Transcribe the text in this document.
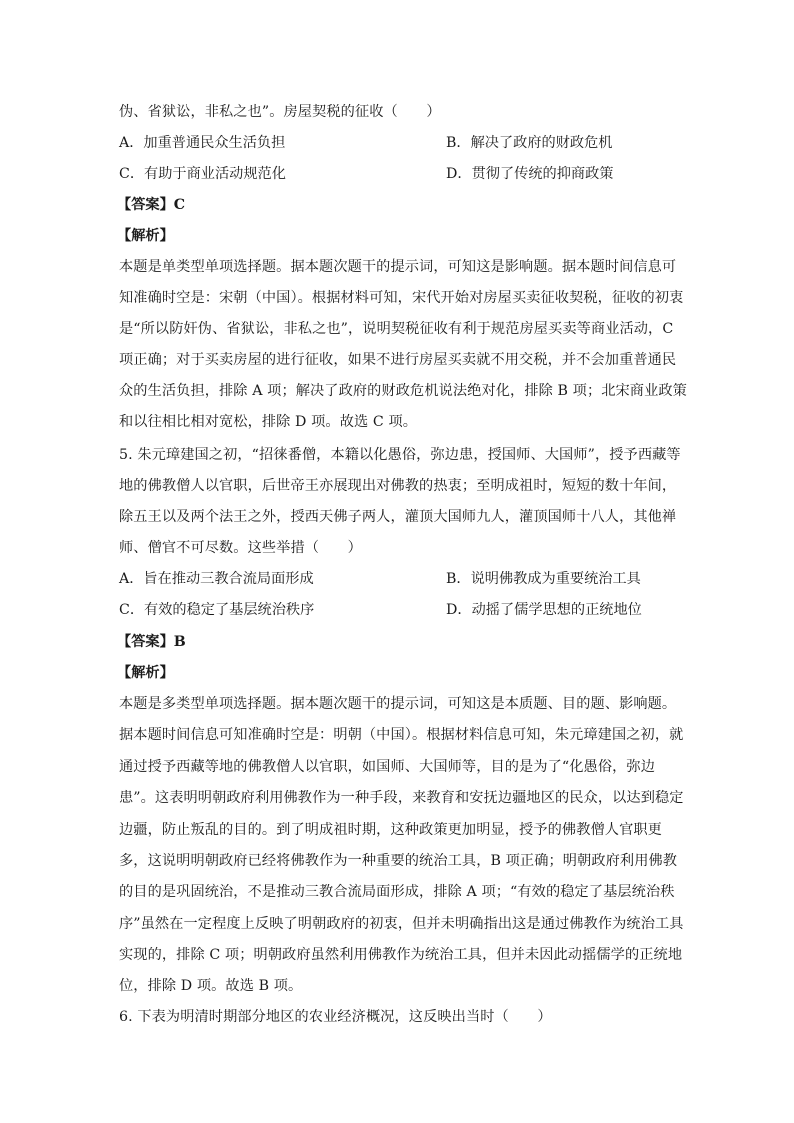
伪、省狱讼，非私之也”。房屋契税的征收（　　）
A．加重普通民众生活负担	B．解决了政府的财政危机
C．有助于商业活动规范化	D．贯彻了传统的抑商政策
【答案】C
【解析】
本题是单类型单项选择题。据本题次题干的提示词，可知这是影响题。据本题时间信息可
知准确时空是：宋朝（中国）。根据材料可知，宋代开始对房屋买卖征收契税，征收的初衷
是“所以防奸伪、省狱讼，非私之也”，说明契税征收有利于规范房屋买卖等商业活动，C
项正确；对于买卖房屋的进行征收，如果不进行房屋买卖就不用交税，并不会加重普通民
众的生活负担，排除 A 项；解决了政府的财政危机说法绝对化，排除 B 项；北宋商业政策
和以往相比相对宽松，排除 D 项。故选 C 项。
5. 朱元璋建国之初，“招徕番僧，本籍以化愚俗，弥边患，授国师、大国师”，授予西藏等
地的佛教僧人以官职，后世帝王亦展现出对佛教的热衷；至明成祖时，短短的数十年间，
除五王以及两个法王之外，授西天佛子两人，灌顶大国师九人，灌顶国师十八人，其他禅
师、僧官不可尽数。这些举措（　　）
A．旨在推动三教合流局面形成	B．说明佛教成为重要统治工具
C．有效的稳定了基层统治秩序	D．动摇了儒学思想的正统地位
【答案】B
【解析】
本题是多类型单项选择题。据本题次题干的提示词，可知这是本质题、目的题、影响题。
据本题时间信息可知准确时空是：明朝（中国）。根据材料信息可知，朱元璋建国之初，就
通过授予西藏等地的佛教僧人以官职，如国师、大国师等，目的是为了“化愚俗，弥边
患”。这表明明朝政府利用佛教作为一种手段，来教育和安抚边疆地区的民众，以达到稳定
边疆，防止叛乱的目的。到了明成祖时期，这种政策更加明显，授予的佛教僧人官职更
多，这说明明朝政府已经将佛教作为一种重要的统治工具，B 项正确；明朝政府利用佛教
的目的是巩固统治，不是推动三教合流局面形成，排除 A 项；“有效的稳定了基层统治秩
序”虽然在一定程度上反映了明朝政府的初衷，但并未明确指出这是通过佛教作为统治工具
实现的，排除 C 项；明朝政府虽然利用佛教作为统治工具，但并未因此动摇儒学的正统地
位，排除 D 项。故选 B 项。
6. 下表为明清时期部分地区的农业经济概况，这反映出当时（　　）
